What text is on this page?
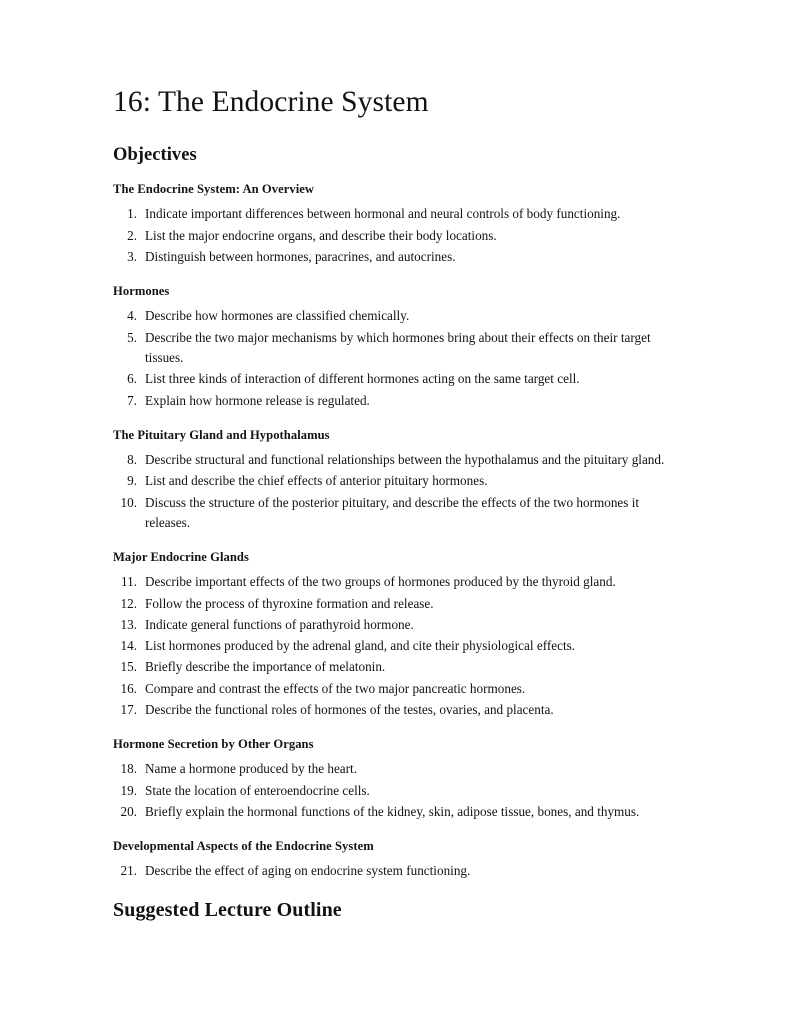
16: The Endocrine System
Objectives
The Endocrine System: An Overview
1. Indicate important differences between hormonal and neural controls of body functioning.
2. List the major endocrine organs, and describe their body locations.
3. Distinguish between hormones, paracrines, and autocrines.
Hormones
4. Describe how hormones are classified chemically.
5. Describe the two major mechanisms by which hormones bring about their effects on their target tissues.
6. List three kinds of interaction of different hormones acting on the same target cell.
7. Explain how hormone release is regulated.
The Pituitary Gland and Hypothalamus
8. Describe structural and functional relationships between the hypothalamus and the pituitary gland.
9. List and describe the chief effects of anterior pituitary hormones.
10. Discuss the structure of the posterior pituitary, and describe the effects of the two hormones it releases.
Major Endocrine Glands
11. Describe important effects of the two groups of hormones produced by the thyroid gland.
12. Follow the process of thyroxine formation and release.
13. Indicate general functions of parathyroid hormone.
14. List hormones produced by the adrenal gland, and cite their physiological effects.
15. Briefly describe the importance of melatonin.
16. Compare and contrast the effects of the two major pancreatic hormones.
17. Describe the functional roles of hormones of the testes, ovaries, and placenta.
Hormone Secretion by Other Organs
18. Name a hormone produced by the heart.
19. State the location of enteroendocrine cells.
20. Briefly explain the hormonal functions of the kidney, skin, adipose tissue, bones, and thymus.
Developmental Aspects of the Endocrine System
21. Describe the effect of aging on endocrine system functioning.
Suggested Lecture Outline
